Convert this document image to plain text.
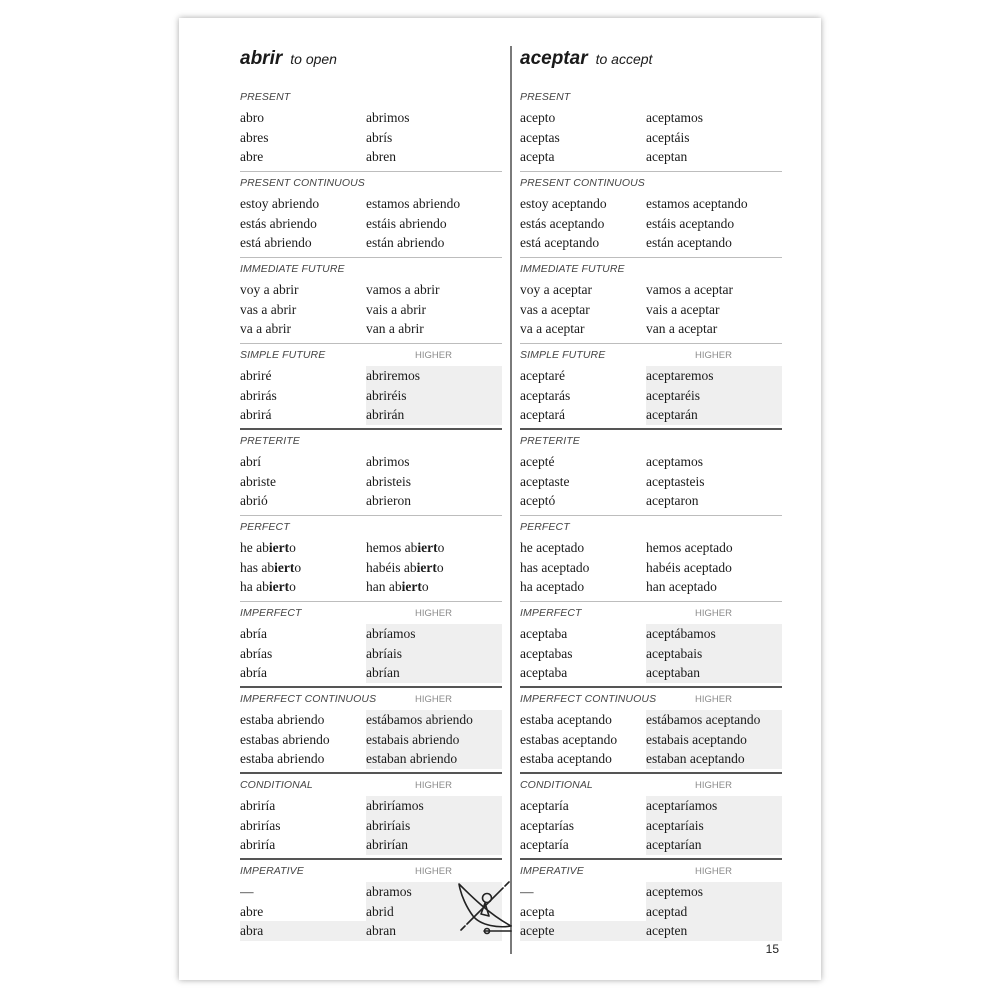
abrir to open
PRESENT
abro	abrimos
abres	abrís
abre	abren
PRESENT CONTINUOUS
estoy abriendo	estamos abriendo
estás abriendo	estáis abriendo
está abriendo	están abriendo
IMMEDIATE FUTURE
voy a abrir	vamos a abrir
vas a abrir	vais a abrir
va a abrir	van a abrir
SIMPLE FUTURE	HIGHER
abriré	abriremos
abrirás	abriréis
abrirá	abrirán
PRETERITE
abrí	abrimos
abriste	abristeis
abrió	abrieron
PERFECT
he abierto	hemos abierto
has abierto	habéis abierto
ha abierto	han abierto
IMPERFECT	HIGHER
abría	abríamos
abrías	abríais
abría	abrían
IMPERFECT CONTINUOUS	HIGHER
estaba abriendo	estábamos abriendo
estabas abriendo	estabais abriendo
estaba abriendo	estaban abriendo
CONDITIONAL	HIGHER
abriría	abriríamos
abrirías	abriríais
abriría	abrirían
IMPERATIVE	HIGHER
—	abramos
abre	abrid
abra	abran
aceptar to accept
PRESENT
acepto	aceptamos
aceptas	aceptáis
acepta	aceptan
PRESENT CONTINUOUS
estoy aceptando	estamos aceptando
estás aceptando	estáis aceptando
está aceptando	están aceptando
IMMEDIATE FUTURE
voy a aceptar	vamos a aceptar
vas a aceptar	vais a aceptar
va a aceptar	van a aceptar
SIMPLE FUTURE	HIGHER
aceptaré	aceptaremos
aceptarás	aceptaréis
aceptará	aceptarán
PRETERITE
acepté	aceptamos
aceptaste	aceptasteis
aceptó	aceptaron
PERFECT
he aceptado	hemos aceptado
has aceptado	habéis aceptado
ha aceptado	han aceptado
IMPERFECT	HIGHER
aceptaba	aceptábamos
aceptabas	aceptabais
aceptaba	aceptaban
IMPERFECT CONTINUOUS	HIGHER
estaba aceptando	estábamos aceptando
estabas aceptando	estabais aceptando
estaba aceptando	estaban aceptando
CONDITIONAL	HIGHER
aceptaría	aceptaríamos
aceptarías	aceptaríais
aceptaría	aceptarían
IMPERATIVE	HIGHER
—	aceptemos
acepta	aceptad
acepte	acepten
15
